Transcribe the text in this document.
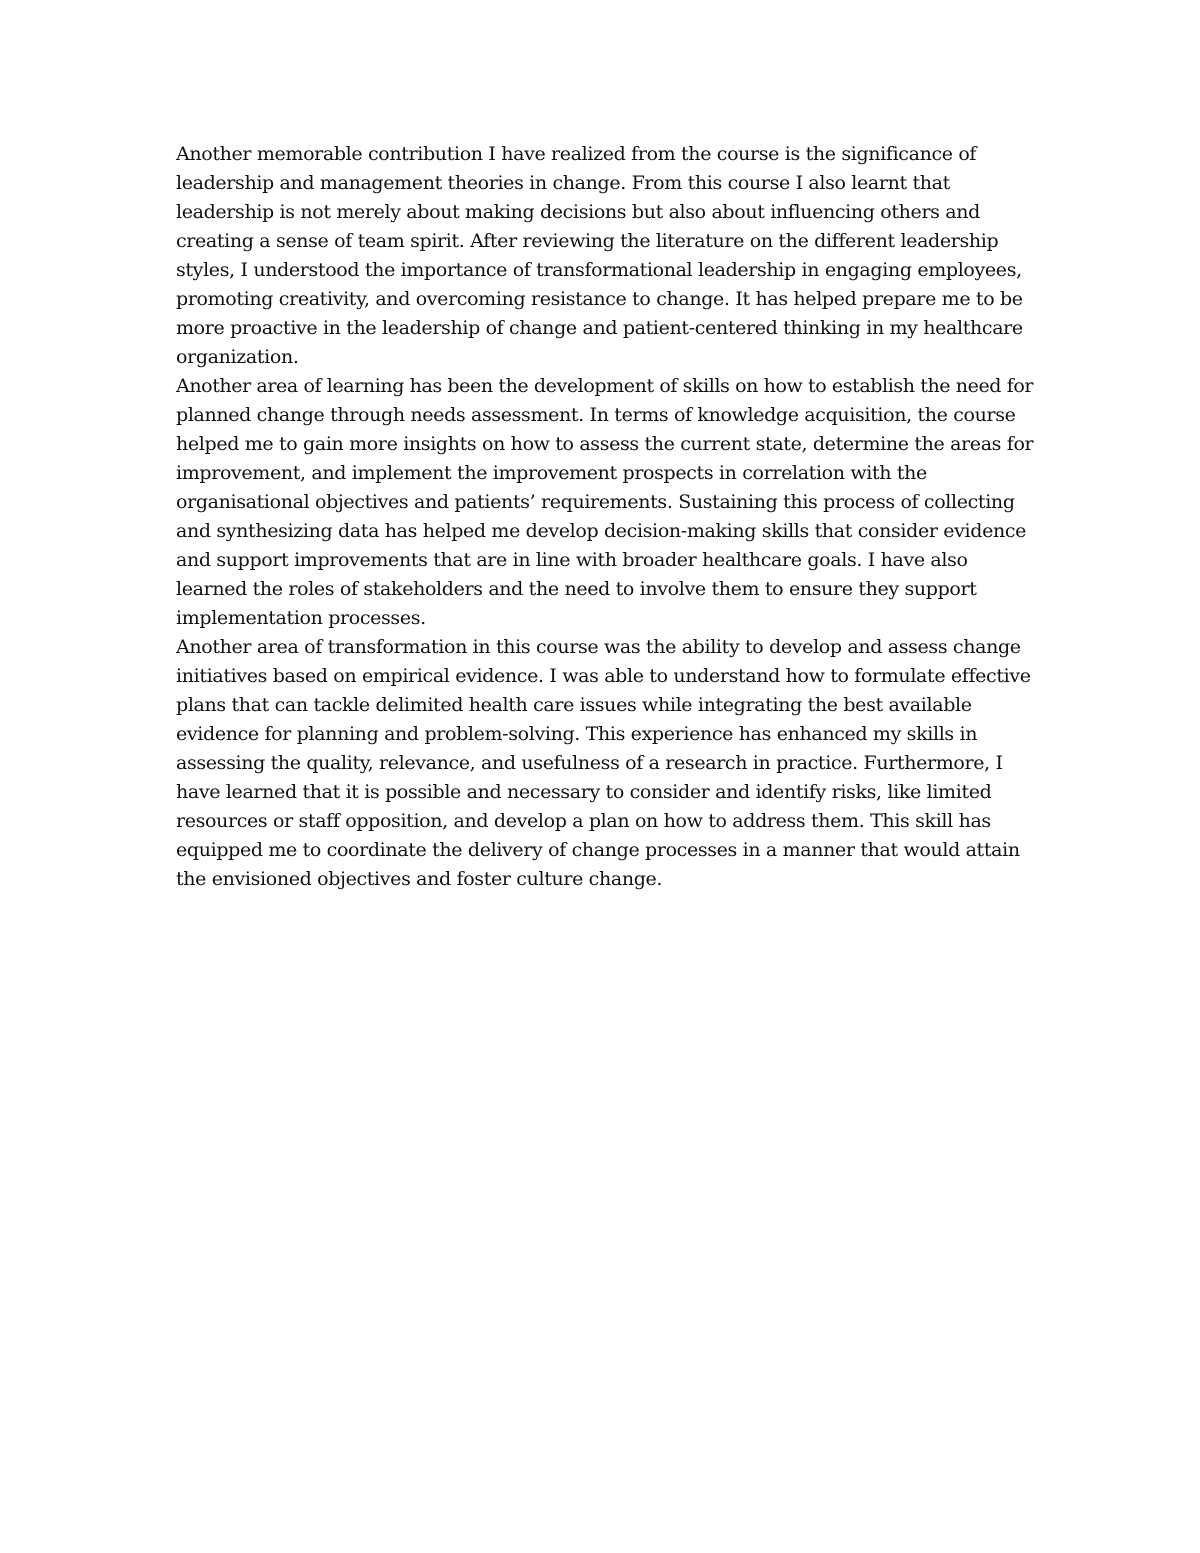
Another memorable contribution I have realized from the course is the significance of
leadership and management theories in change. From this course I also learnt that
leadership is not merely about making decisions but also about influencing others and
creating a sense of team spirit. After reviewing the literature on the different leadership
styles, I understood the importance of transformational leadership in engaging employees,
promoting creativity, and overcoming resistance to change. It has helped prepare me to be
more proactive in the leadership of change and patient-centered thinking in my healthcare
organization.
Another area of learning has been the development of skills on how to establish the need for
planned change through needs assessment. In terms of knowledge acquisition, the course
helped me to gain more insights on how to assess the current state, determine the areas for
improvement, and implement the improvement prospects in correlation with the
organisational objectives and patients’ requirements. Sustaining this process of collecting
and synthesizing data has helped me develop decision-making skills that consider evidence
and support improvements that are in line with broader healthcare goals. I have also
learned the roles of stakeholders and the need to involve them to ensure they support
implementation processes.
Another area of transformation in this course was the ability to develop and assess change
initiatives based on empirical evidence. I was able to understand how to formulate effective
plans that can tackle delimited health care issues while integrating the best available
evidence for planning and problem-solving. This experience has enhanced my skills in
assessing the quality, relevance, and usefulness of a research in practice. Furthermore, I
have learned that it is possible and necessary to consider and identify risks, like limited
resources or staff opposition, and develop a plan on how to address them. This skill has
equipped me to coordinate the delivery of change processes in a manner that would attain
the envisioned objectives and foster culture change.
